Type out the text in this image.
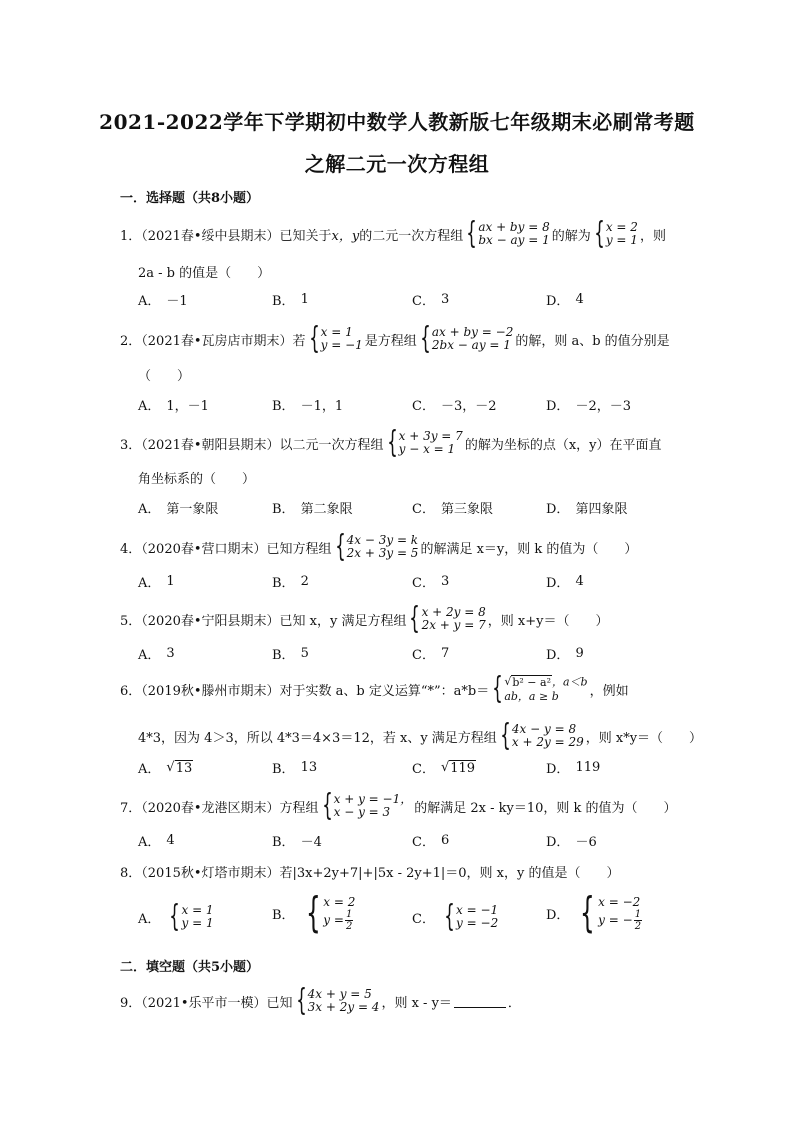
2021-2022学年下学期初中数学人教新版七年级期末必刷常考题
之解二元一次方程组
一．选择题（共8小题）
1．（2021春•绥中县期末）已知关于 x，y 的二元一次方程组 { ax + by = 8
bx − ay = 1 的解为 { x = 2
y = 1 ，则
2a - b 的值是（　　）
A． －1	B． 1	C． 3	D． 4
2．（2021春•瓦房店市期末）若 { x = 1
y = −1 是方程组 { ax + by = −2
2bx − ay = 1 的解，则 a、b 的值分别是
（　　）
A． 1，－1	B． －1，1	C． －3，－2	D． －2，－3
3．（2021春•朝阳县期末）以二元一次方程组 { x + 3y = 7
y − x = 1 的解为坐标的点（x，y）在平面直
角坐标系的（　　）
A． 第一象限	B． 第二象限	C． 第三象限	D． 第四象限
4．（2020春•营口期末）已知方程组 { 4x − 3y = k
2x + 3y = 5 的解满足 x＝y，则 k 的值为（　　）
A． 1	B． 2	C． 3	D． 4
5．（2020春•宁阳县期末）已知 x，y 满足方程组 { x + 2y = 8
2x + y = 7 ，则 x+y＝（　　）
A． 3	B． 5	C． 7	D． 9
6．（2019秋•滕州市期末）对于实数 a、b 定义运算“*”：a*b＝ { √ b² − a² ，a＜b
ab，a ≥ b	，例如
4*3，因为 4＞3，所以 4*3＝4×3＝12，若 x、y 满足方程组 { 4x − y = 8
x + 2y = 29 ，则 x*y＝（　　）
A． √ 13	B． 13	C． √ 119	D． 119
7．（2020春•龙港区期末）方程组 { x + y = −1，
x − y = 3	的解满足 2x - ky＝10，则 k 的值为（　　）
A． 4	B． －4	C． 6	D． －6
8．（2015秋•灯塔市期末）若|3x+2y+7|+|5x - 2y+1|＝0，则 x，y 的值是（　　）
A． { x = 1
y = 1
B． { x = 2
$y = \frac{1}{2}$	C． { x = −1
y = −2
D． { x = −2
y = − $\frac{1}{2}$
二．填空题（共5小题）
9．（2021•乐平市一模）已知 { 4x + y = 5
3x + 2y = 4 ，则 x - y＝	．
